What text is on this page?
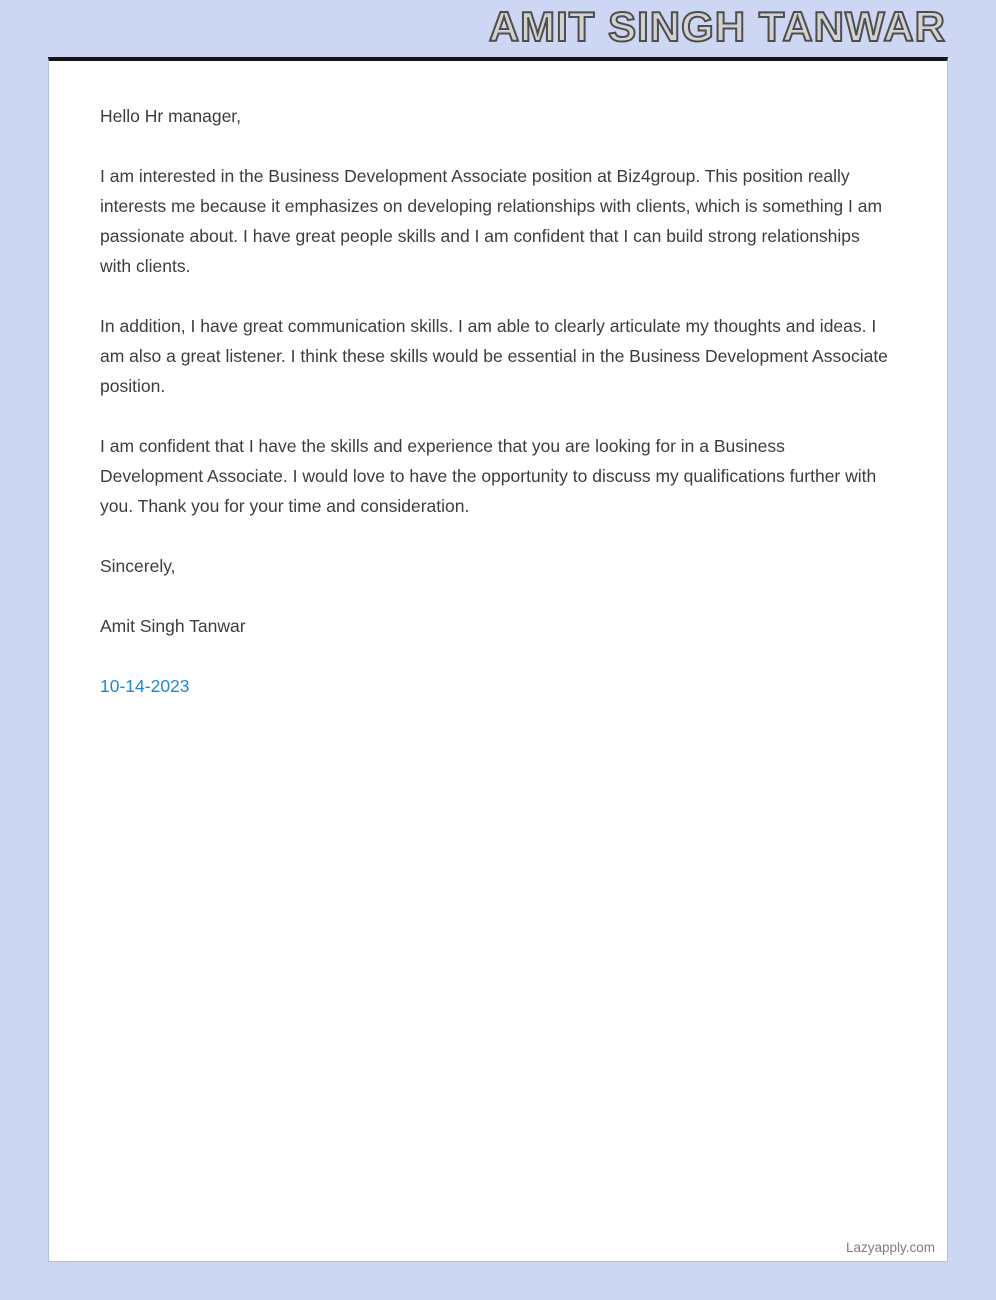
AMIT SINGH TANWAR

Hello Hr manager,

I am interested in the Business Development Associate position at Biz4group. This position really interests me because it emphasizes on developing relationships with clients, which is something I am passionate about. I have great people skills and I am confident that I can build strong relationships with clients.

In addition, I have great communication skills. I am able to clearly articulate my thoughts and ideas. I am also a great listener. I think these skills would be essential in the Business Development Associate position.

I am confident that I have the skills and experience that you are looking for in a Business Development Associate. I would love to have the opportunity to discuss my qualifications further with you. Thank you for your time and consideration.

Sincerely,

Amit Singh Tanwar

10-14-2023

Lazyapply.com
